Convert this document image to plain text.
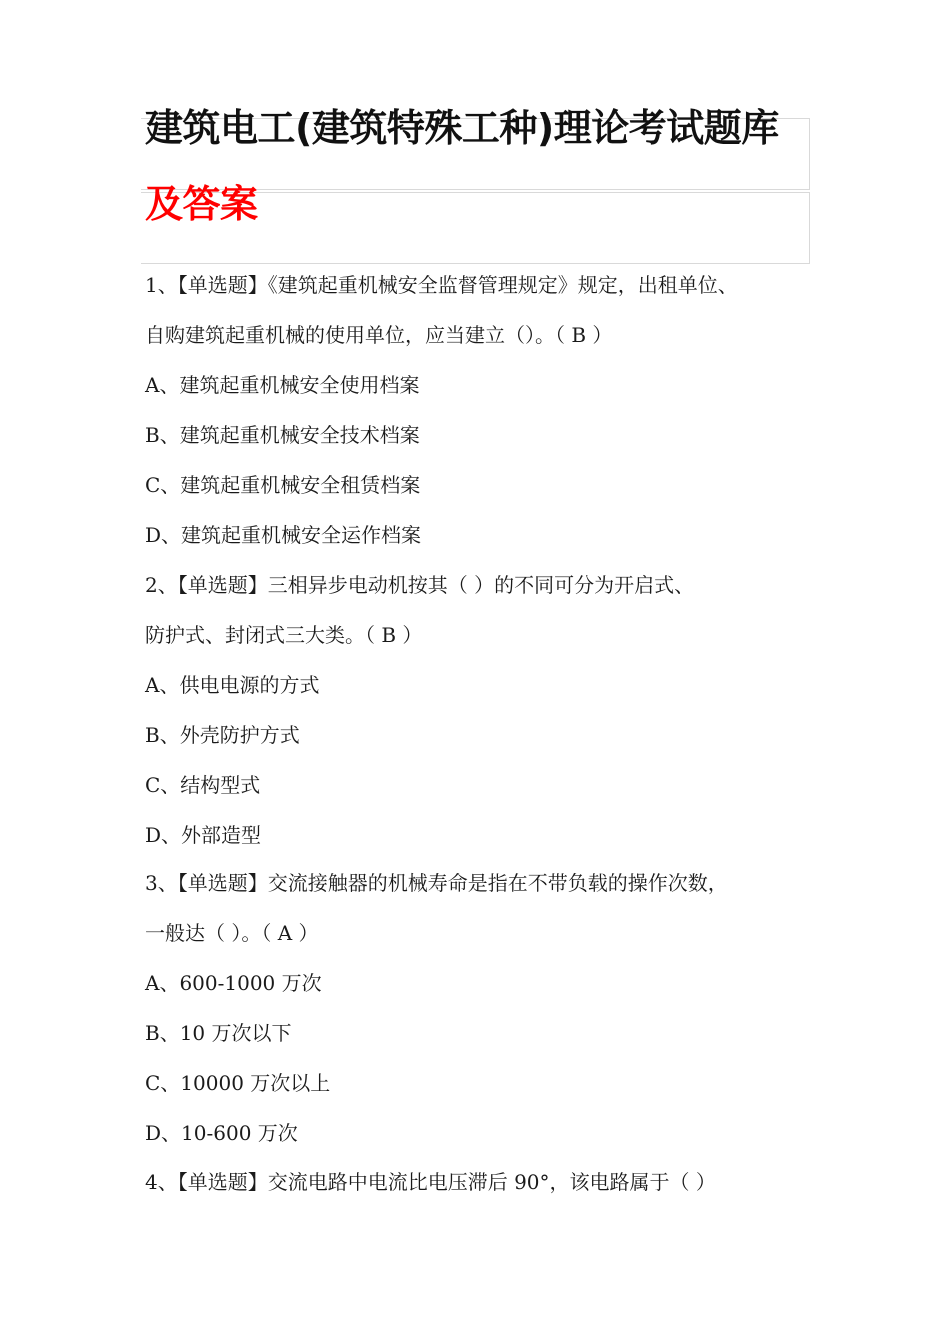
建筑电工(建筑特殊工种)理论考试题库
及答案
1、【单选题】《建筑起重机械安全监督管理规定》规定，出租单位、
自购建筑起重机械的使用单位，应当建立（）。（ B ）
A、建筑起重机械安全使用档案
B、建筑起重机械安全技术档案
C、建筑起重机械安全租赁档案
D、建筑起重机械安全运作档案
2、【单选题】三相异步电动机按其（ ）的不同可分为开启式、
防护式、封闭式三大类。（ B ）
A、供电电源的方式
B、外壳防护方式
C、结构型式
D、外部造型
3、【单选题】交流接触器的机械寿命是指在不带负载的操作次数，
一般达（ ）。（ A ）
A、600-1000 万次
B、10 万次以下
C、10000 万次以上
D、10-600 万次
4、【单选题】交流电路中电流比电压滞后 90°，该电路属于（ ）
